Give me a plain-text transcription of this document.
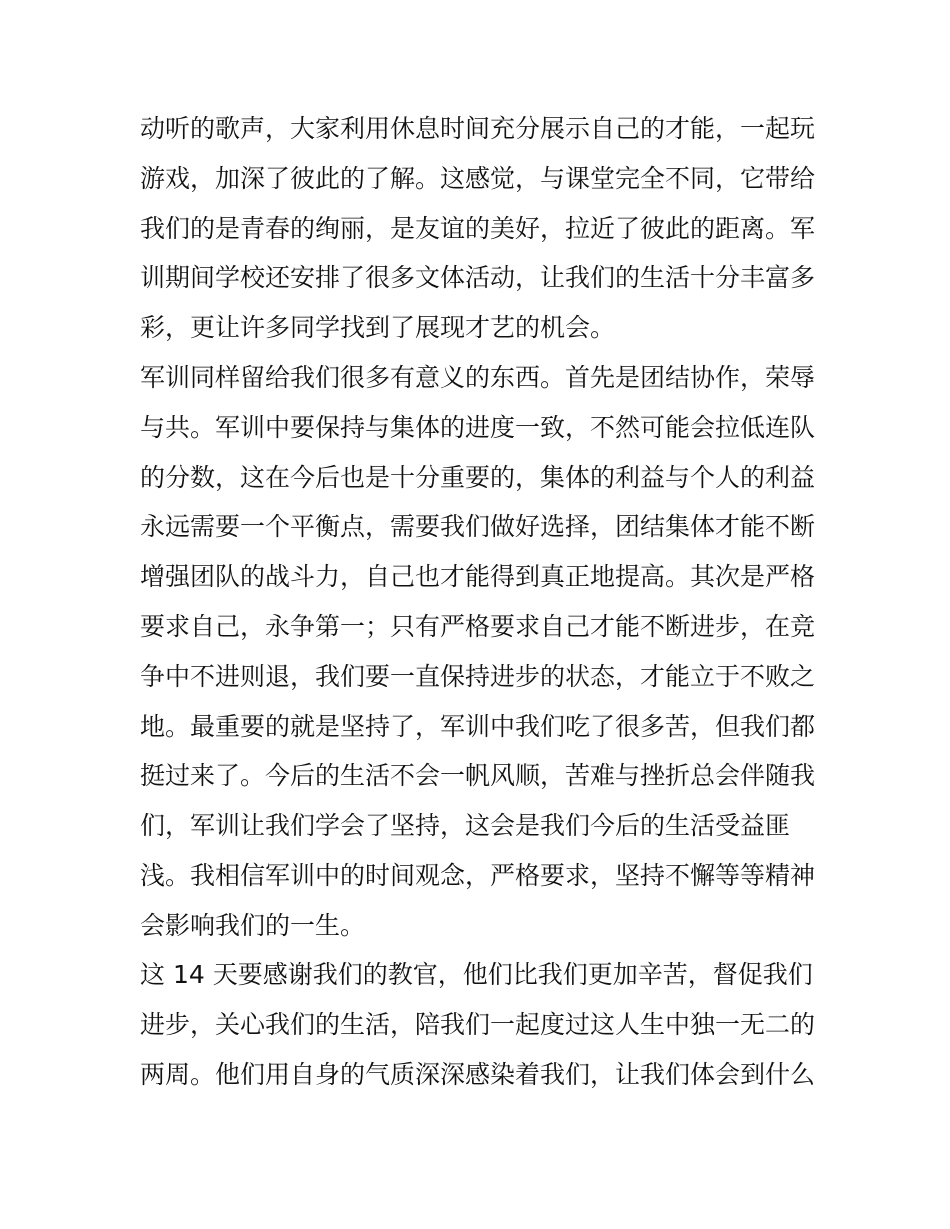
动听的歌声，大家利用休息时间充分展示自己的才能，一起玩
游戏，加深了彼此的了解。这感觉，与课堂完全不同，它带给
我们的是青春的绚丽，是友谊的美好，拉近了彼此的距离。军
训期间学校还安排了很多文体活动，让我们的生活十分丰富多
彩，更让许多同学找到了展现才艺的机会。
军训同样留给我们很多有意义的东西。首先是团结协作，荣辱
与共。军训中要保持与集体的进度一致，不然可能会拉低连队
的分数，这在今后也是十分重要的，集体的利益与个人的利益
永远需要一个平衡点，需要我们做好选择，团结集体才能不断
增强团队的战斗力，自己也才能得到真正地提高。其次是严格
要求自己，永争第一；只有严格要求自己才能不断进步，在竞
争中不进则退，我们要一直保持进步的状态，才能立于不败之
地。最重要的就是坚持了，军训中我们吃了很多苦，但我们都
挺过来了。今后的生活不会一帆风顺，苦难与挫折总会伴随我
们，军训让我们学会了坚持，这会是我们今后的生活受益匪
浅。我相信军训中的时间观念，严格要求，坚持不懈等等精神
会影响我们的一生。
这 14 天要感谢我们的教官，他们比我们更加辛苦，督促我们
进步，关心我们的生活，陪我们一起度过这人生中独一无二的
两周。他们用自身的气质深深感染着我们，让我们体会到什么
